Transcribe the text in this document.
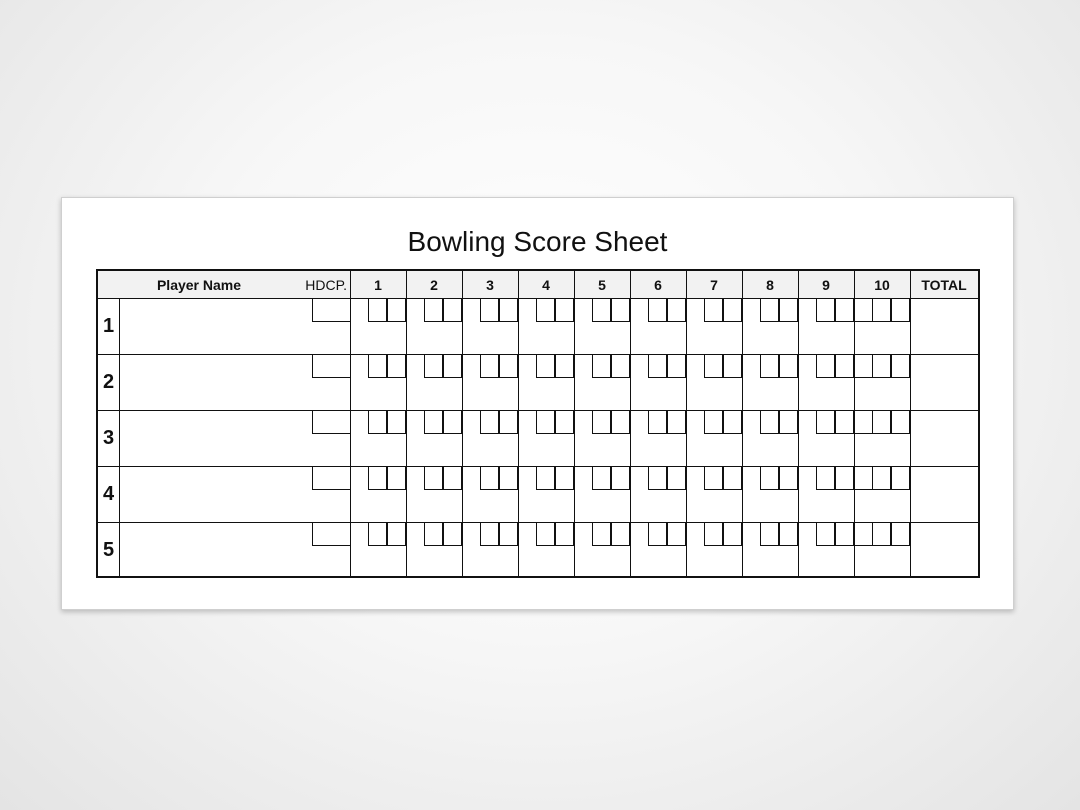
Bowling Score Sheet
Player Name	HDCP.	1	2	3	4	5	6	7	8	9	10	TOTAL
1
2
3
4
5
